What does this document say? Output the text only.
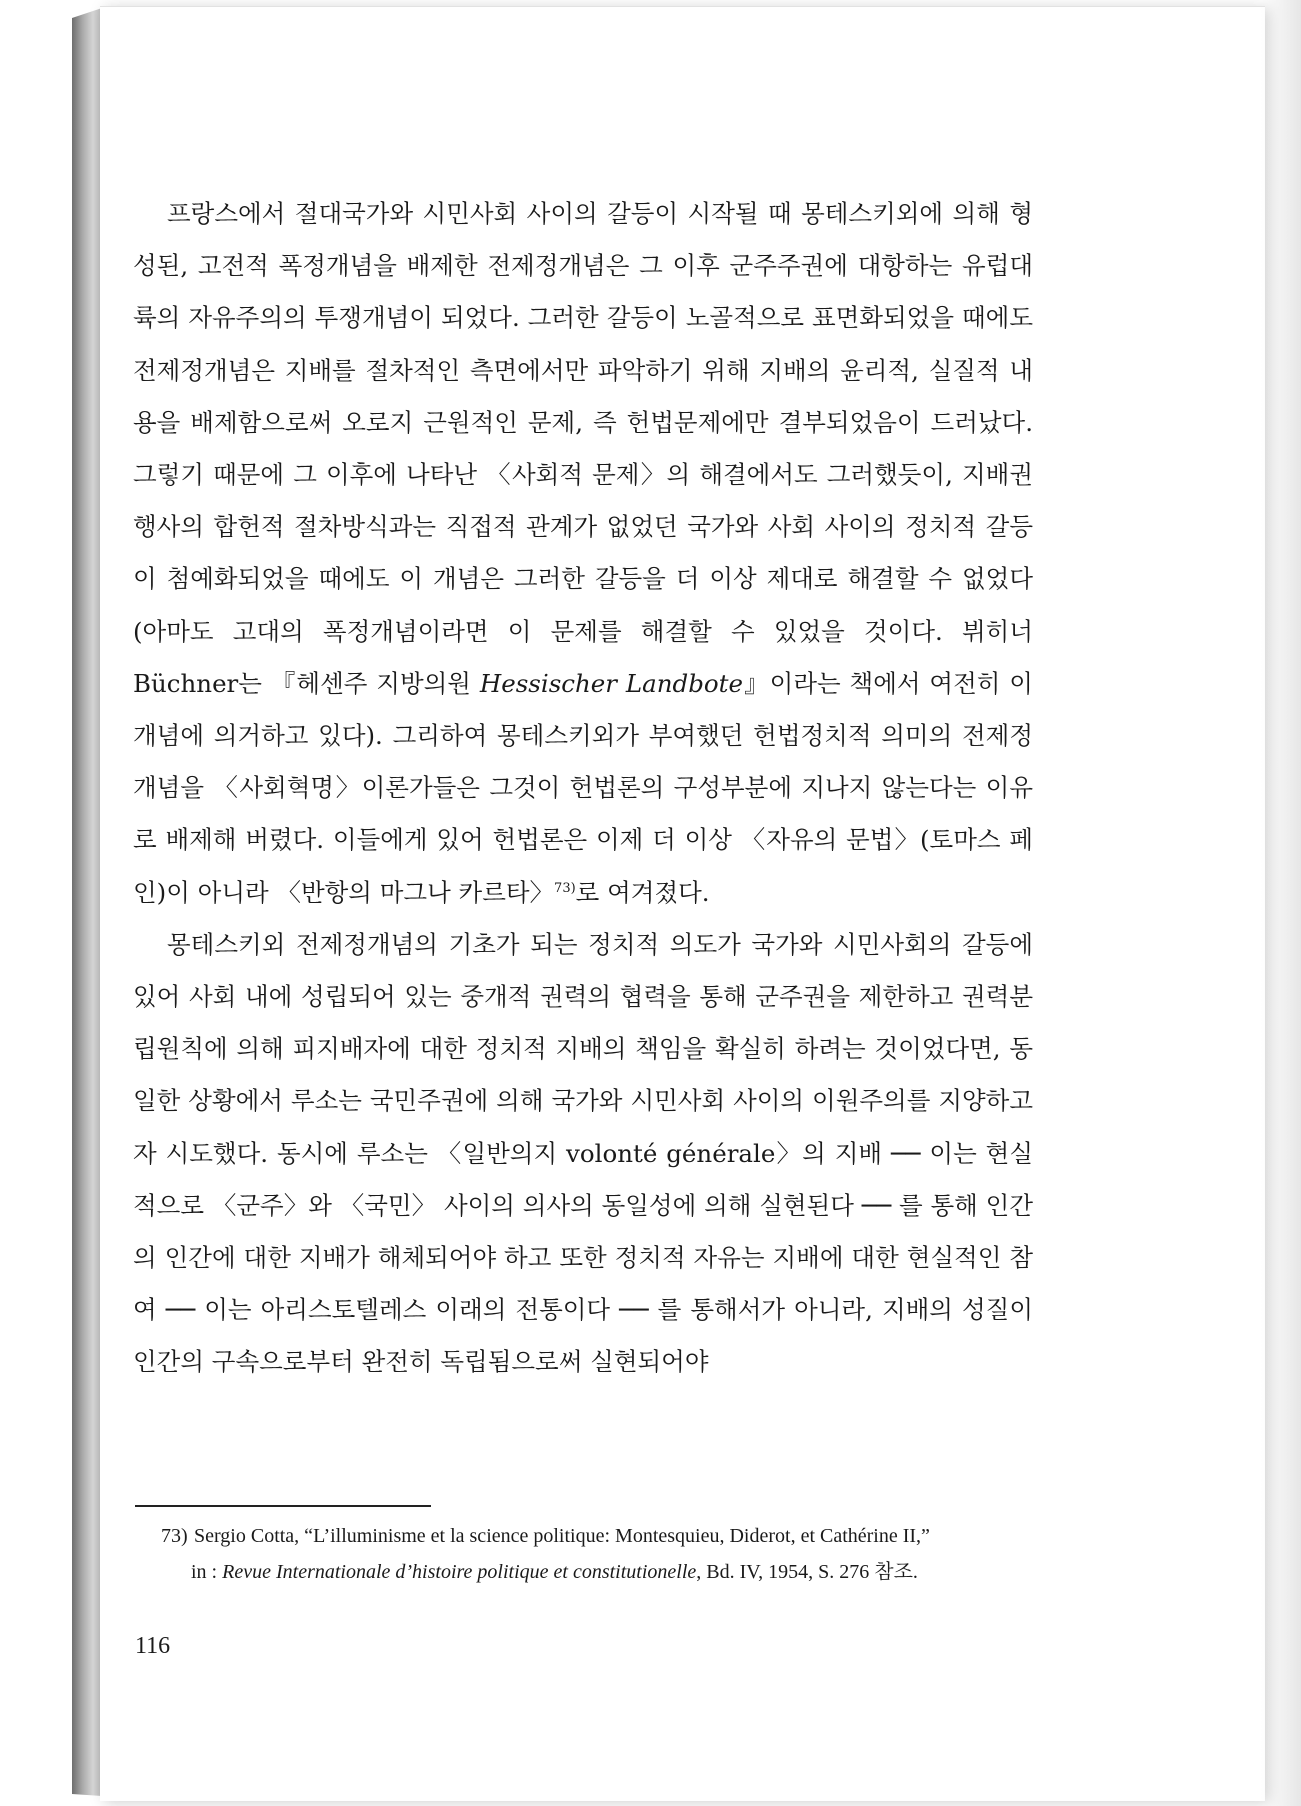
프랑스에서 절대국가와 시민사회 사이의 갈등이 시작될 때 몽테스키외에 의해 형성된, 고전적 폭정개념을 배제한 전제정개념은 그 이후 군주주권에 대항하는 유럽대륙의 자유주의의 투쟁개념이 되었다. 그러한 갈등이 노골적으로 표면화되었을 때에도 전제정개념은 지배를 절차적인 측면에서만 파악하기 위해 지배의 윤리적, 실질적 내용을 배제함으로써 오로지 근원적인 문제, 즉 헌법문제에만 결부되었음이 드러났다. 그렇기 때문에 그 이후에 나타난 〈사회적 문제〉의 해결에서도 그러했듯이, 지배권행사의 합헌적 절차방식과는 직접적 관계가 없었던 국가와 사회 사이의 정치적 갈등이 첨예화되었을 때에도 이 개념은 그러한 갈등을 더 이상 제대로 해결할 수 없었다(아마도 고대의 폭정개념이라면 이 문제를 해결할 수 있었을 것이다. 뷔히너 Büchner는 『헤센주 지방의원 Hessischer Landbote』이라는 책에서 여전히 이 개념에 의거하고 있다). 그리하여 몽테스키외가 부여했던 헌법정치적 의미의 전제정개념을 〈사회혁명〉이론가들은 그것이 헌법론의 구성부분에 지나지 않는다는 이유로 배제해 버렸다. 이들에게 있어 헌법론은 이제 더 이상 〈자유의 문법〉(토마스 페인)이 아니라 〈반항의 마그나 카르타〉$^{73)}$로 여겨졌다.

몽테스키외 전제정개념의 기초가 되는 정치적 의도가 국가와 시민사회의 갈등에 있어 사회 내에 성립되어 있는 중개적 권력의 협력을 통해 군주권을 제한하고 권력분립원칙에 의해 피지배자에 대한 정치적 지배의 책임을 확실히 하려는 것이었다면, 동일한 상황에서 루소는 국민주권에 의해 국가와 시민사회 사이의 이원주의를 지양하고자 시도했다. 동시에 루소는 〈일반의지 volonté générale〉의 지배 ── 이는 현실적으로 〈군주〉와 〈국민〉 사이의 의사의 동일성에 의해 실현된다 ── 를 통해 인간의 인간에 대한 지배가 해체되어야 하고 또한 정치적 자유는 지배에 대한 현실적인 참여 ── 이는 아리스토텔레스 이래의 전통이다 ── 를 통해서가 아니라, 지배의 성질이 인간의 구속으로부터 완전히 독립됨으로써 실현되어야

73) Sergio Cotta, “L’illuminisme et la science politique: Montesquieu, Diderot, et Cathérine II,”
in : Revue Internationale d’histoire politique et constitutionelle, Bd. IV, 1954, S. 276 참조.
116
